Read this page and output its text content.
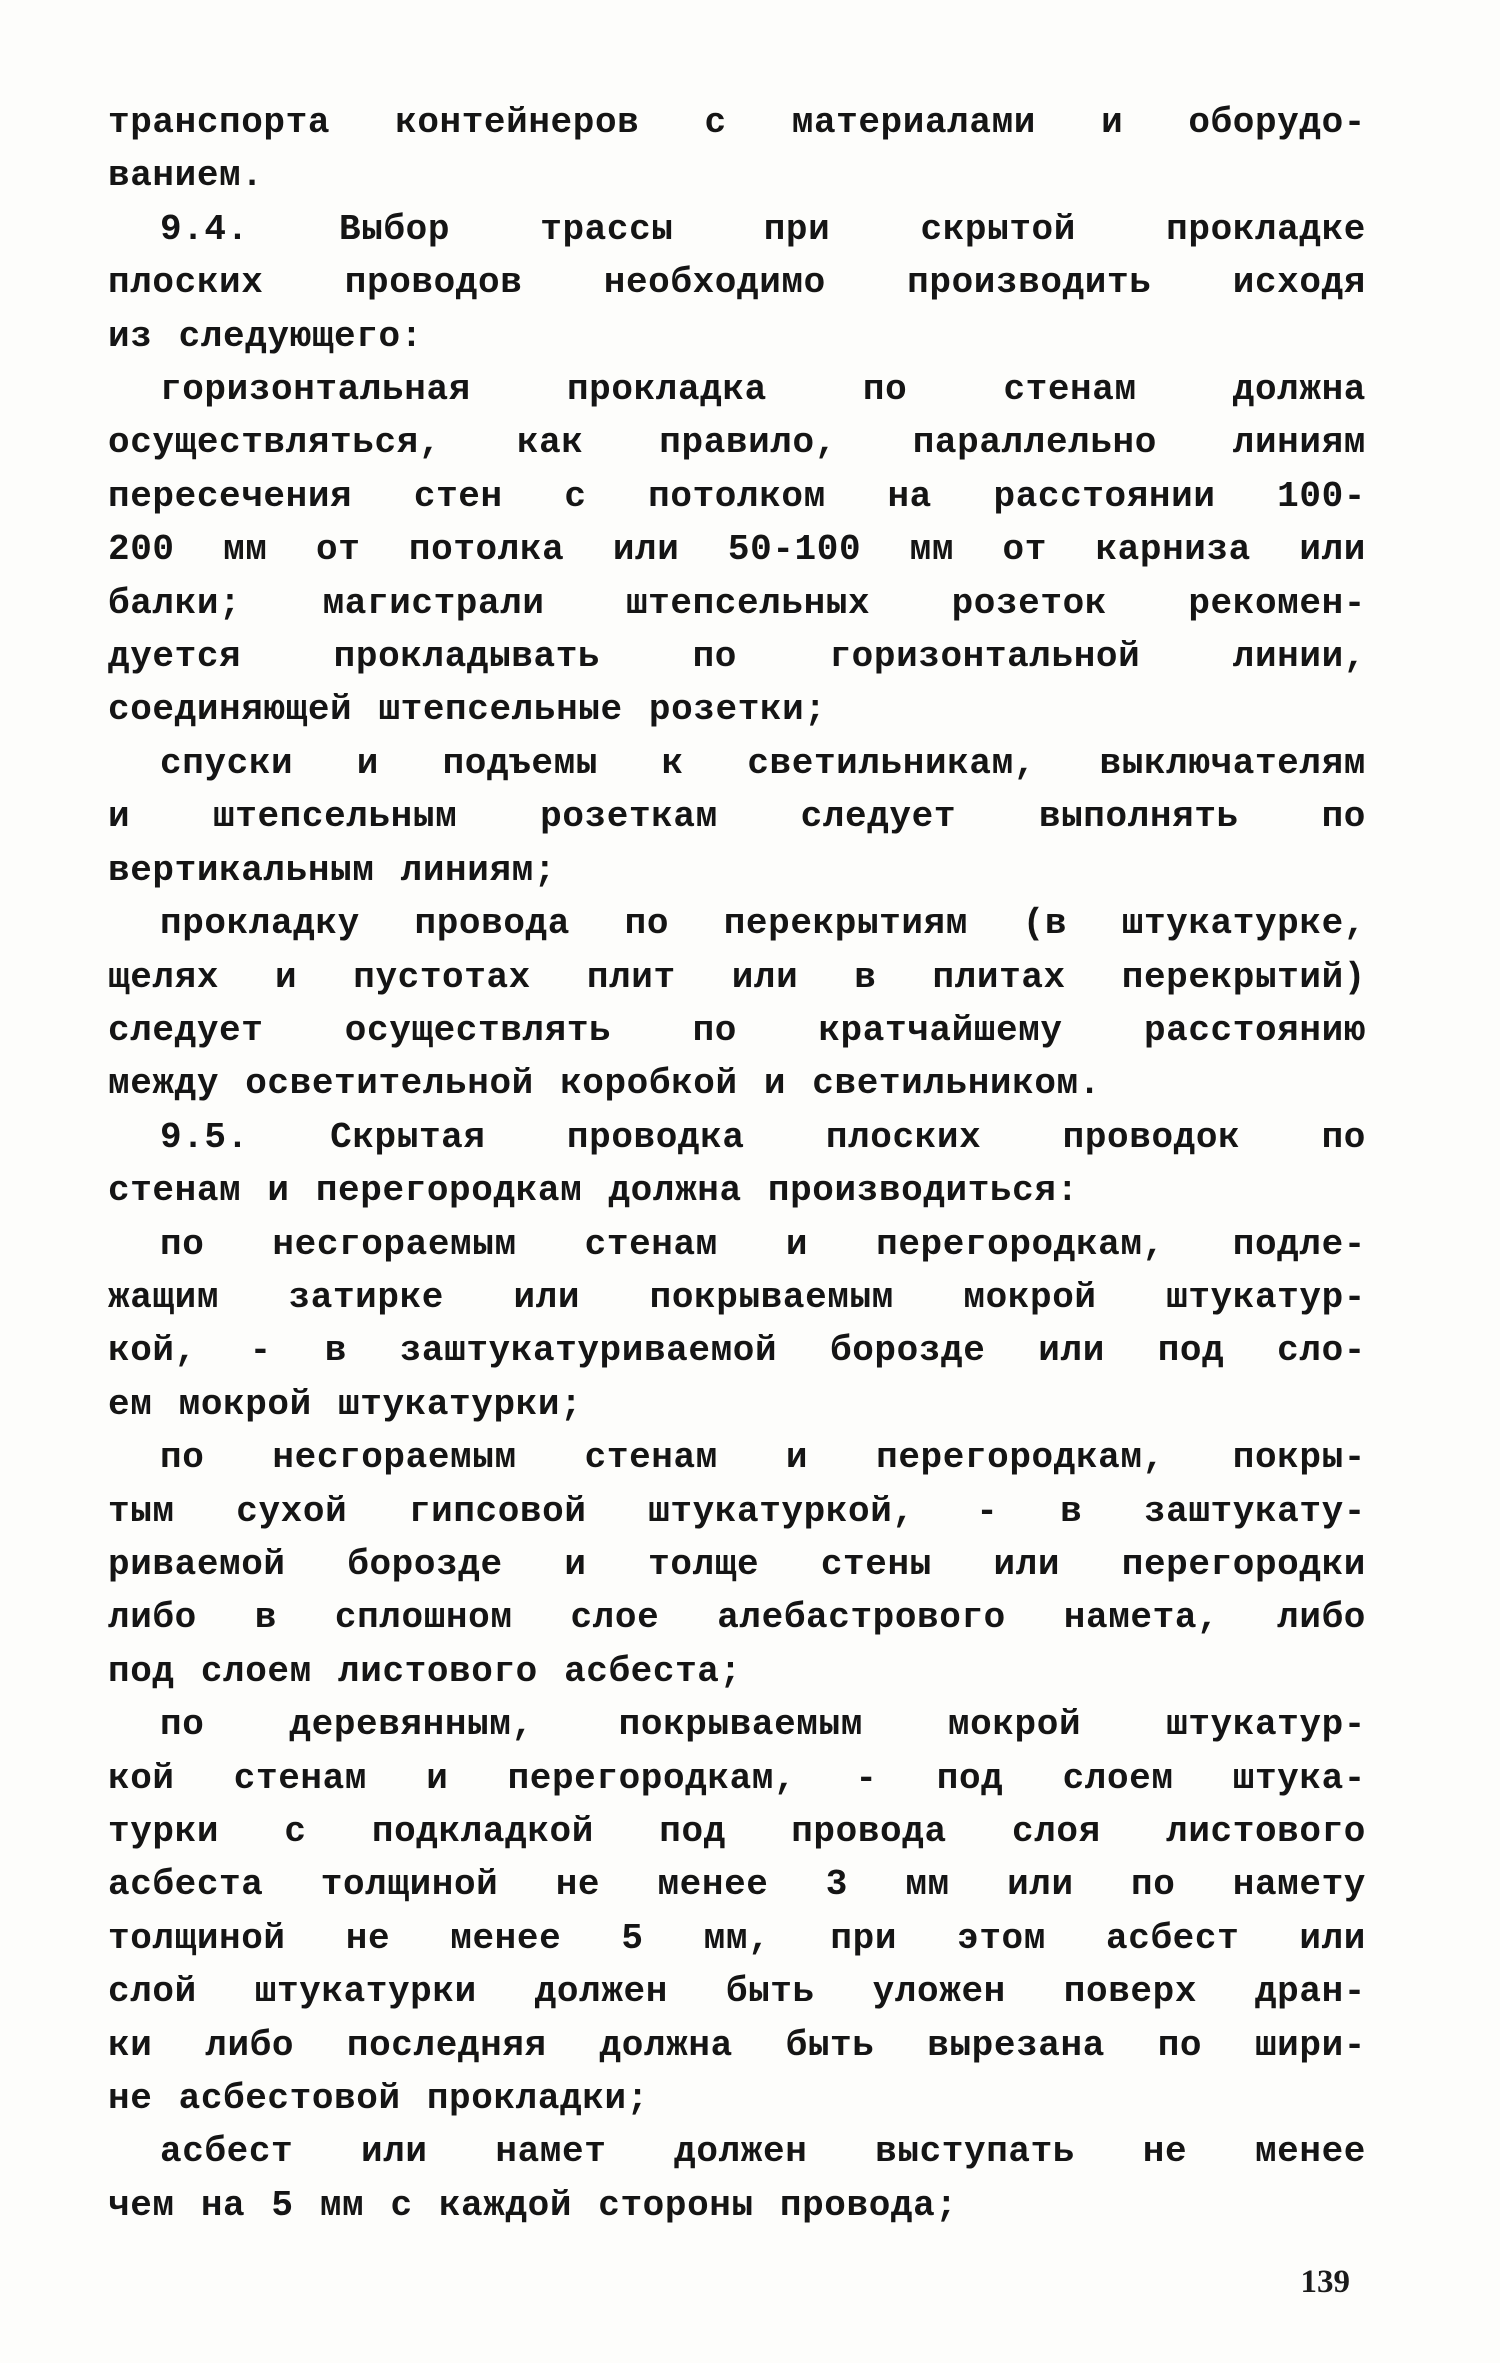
транспорта контейнеров с материалами и оборудо-
ванием.
9.4. Выбор трассы при скрытой прокладке
плоских проводов необходимо производить исходя
из следующего:
горизонтальная прокладка по стенам должна
осуществляться, как правило, параллельно линиям
пересечения стен с потолком на расстоянии 100-
200 мм от потолка или 50-100 мм от карниза или
балки; магистрали штепсельных розеток рекомен-
дуется прокладывать по горизонтальной линии,
соединяющей штепсельные розетки;
спуски и подъемы к светильникам, выключателям
и штепсельным розеткам следует выполнять по
вертикальным линиям;
прокладку провода по перекрытиям (в штукатурке,
щелях и пустотах плит или в плитах перекрытий)
следует осуществлять по кратчайшему расстоянию
между осветительной коробкой и светильником.
9.5. Скрытая проводка плоских проводок по
стенам и перегородкам должна производиться:
по несгораемым стенам и перегородкам, подле-
жащим затирке или покрываемым мокрой штукатур-
кой, - в заштукатуриваемой борозде или под сло-
ем мокрой штукатурки;
по несгораемым стенам и перегородкам, покры-
тым сухой гипсовой штукатуркой, - в заштукату-
риваемой борозде и толще стены или перегородки
либо в сплошном слое алебастрового намета, либо
под слоем листового асбеста;
по деревянным, покрываемым мокрой штукатур-
кой стенам и перегородкам, - под слоем штука-
турки с подкладкой под провода слоя листового
асбеста толщиной не менее 3 мм или по намету
толщиной не менее 5 мм, при этом асбест или
слой штукатурки должен быть уложен поверх дран-
ки либо последняя должна быть вырезана по шири-
не асбестовой прокладки;
асбест или намет должен выступать не менее
чем на 5 мм с каждой стороны провода;
139
